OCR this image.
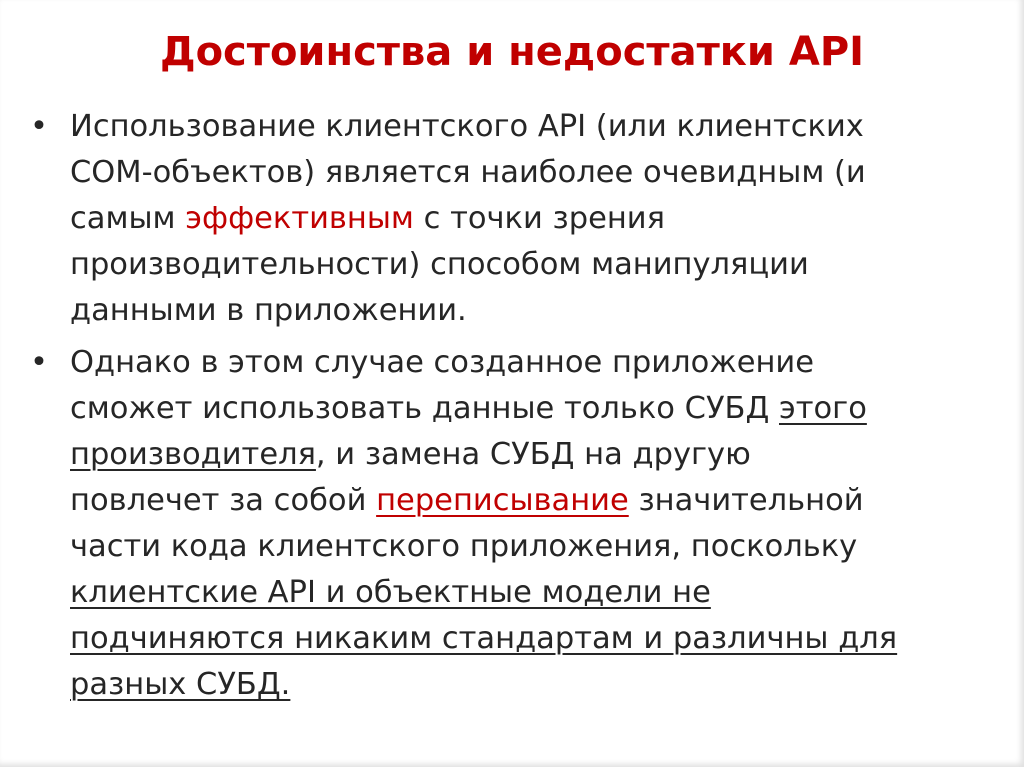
Достоинства и недостатки API
• Использование клиентского API (или клиентских
COM-объектов) является наиболее очевидным (и
самым эффективным с точки зрения
производительности) способом манипуляции
данными в приложении.
• Однако в этом случае созданное приложение
сможет использовать данные только СУБД этого
производителя, и замена СУБД на другую
повлечет за собой переписывание значительной
части кода клиентского приложения, поскольку
клиентские API и объектные модели не
подчиняются никаким стандартам и различны для
разных СУБД.
